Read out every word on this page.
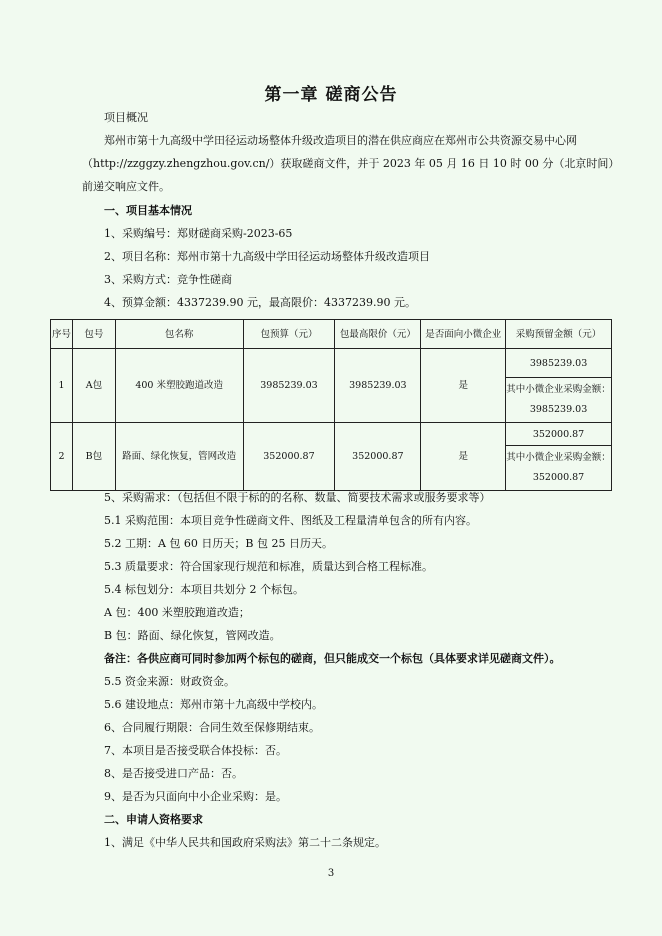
第一章 磋商公告
项目概况
郑州市第十九高级中学田径运动场整体升级改造项目的潜在供应商应在郑州市公共资源交易中心网（http://zzggzy.zhengzhou.gov.cn/）获取磋商文件，并于 2023 年 05 月 16 日 10 时 00 分（北京时间）前递交响应文件。
一、项目基本情况
1、采购编号：郑财磋商采购-2023-65
2、项目名称：郑州市第十九高级中学田径运动场整体升级改造项目
3、采购方式：竞争性磋商
4、预算金额：4337239.90 元，最高限价：4337239.90 元。
序号	包号	包名称	包预算（元）	包最高限价（元）	是否面向小微企业	采购预留金额（元）
1	A包	400 米塑胶跑道改造	3985239.03	3985239.03	是	3985239.03

						其中小微企业采购金额：
3985239.03

2	B包	路面、绿化恢复，管网改造	352000.87	352000.87	是	352000.87

						其中小微企业采购金额：
352000.87
5、采购需求：（包括但不限于标的的名称、数量、简要技术需求或服务要求等）
5.1 采购范围：本项目竞争性磋商文件、图纸及工程量清单包含的所有内容。
5.2 工期：A 包 60 日历天；B 包 25 日历天。
5.3 质量要求：符合国家现行规范和标准，质量达到合格工程标准。
5.4 标包划分：本项目共划分 2 个标包。
A 包：400 米塑胶跑道改造；
B 包：路面、绿化恢复，管网改造。
备注：各供应商可同时参加两个标包的磋商，但只能成交一个标包（具体要求详见磋商文件）。
5.5 资金来源：财政资金。
5.6 建设地点：郑州市第十九高级中学校内。
6、合同履行期限：合同生效至保修期结束。
7、本项目是否接受联合体投标：否。
8、是否接受进口产品：否。
9、是否为只面向中小企业采购：是。
二、申请人资格要求
1、满足《中华人民共和国政府采购法》第二十二条规定。
3
